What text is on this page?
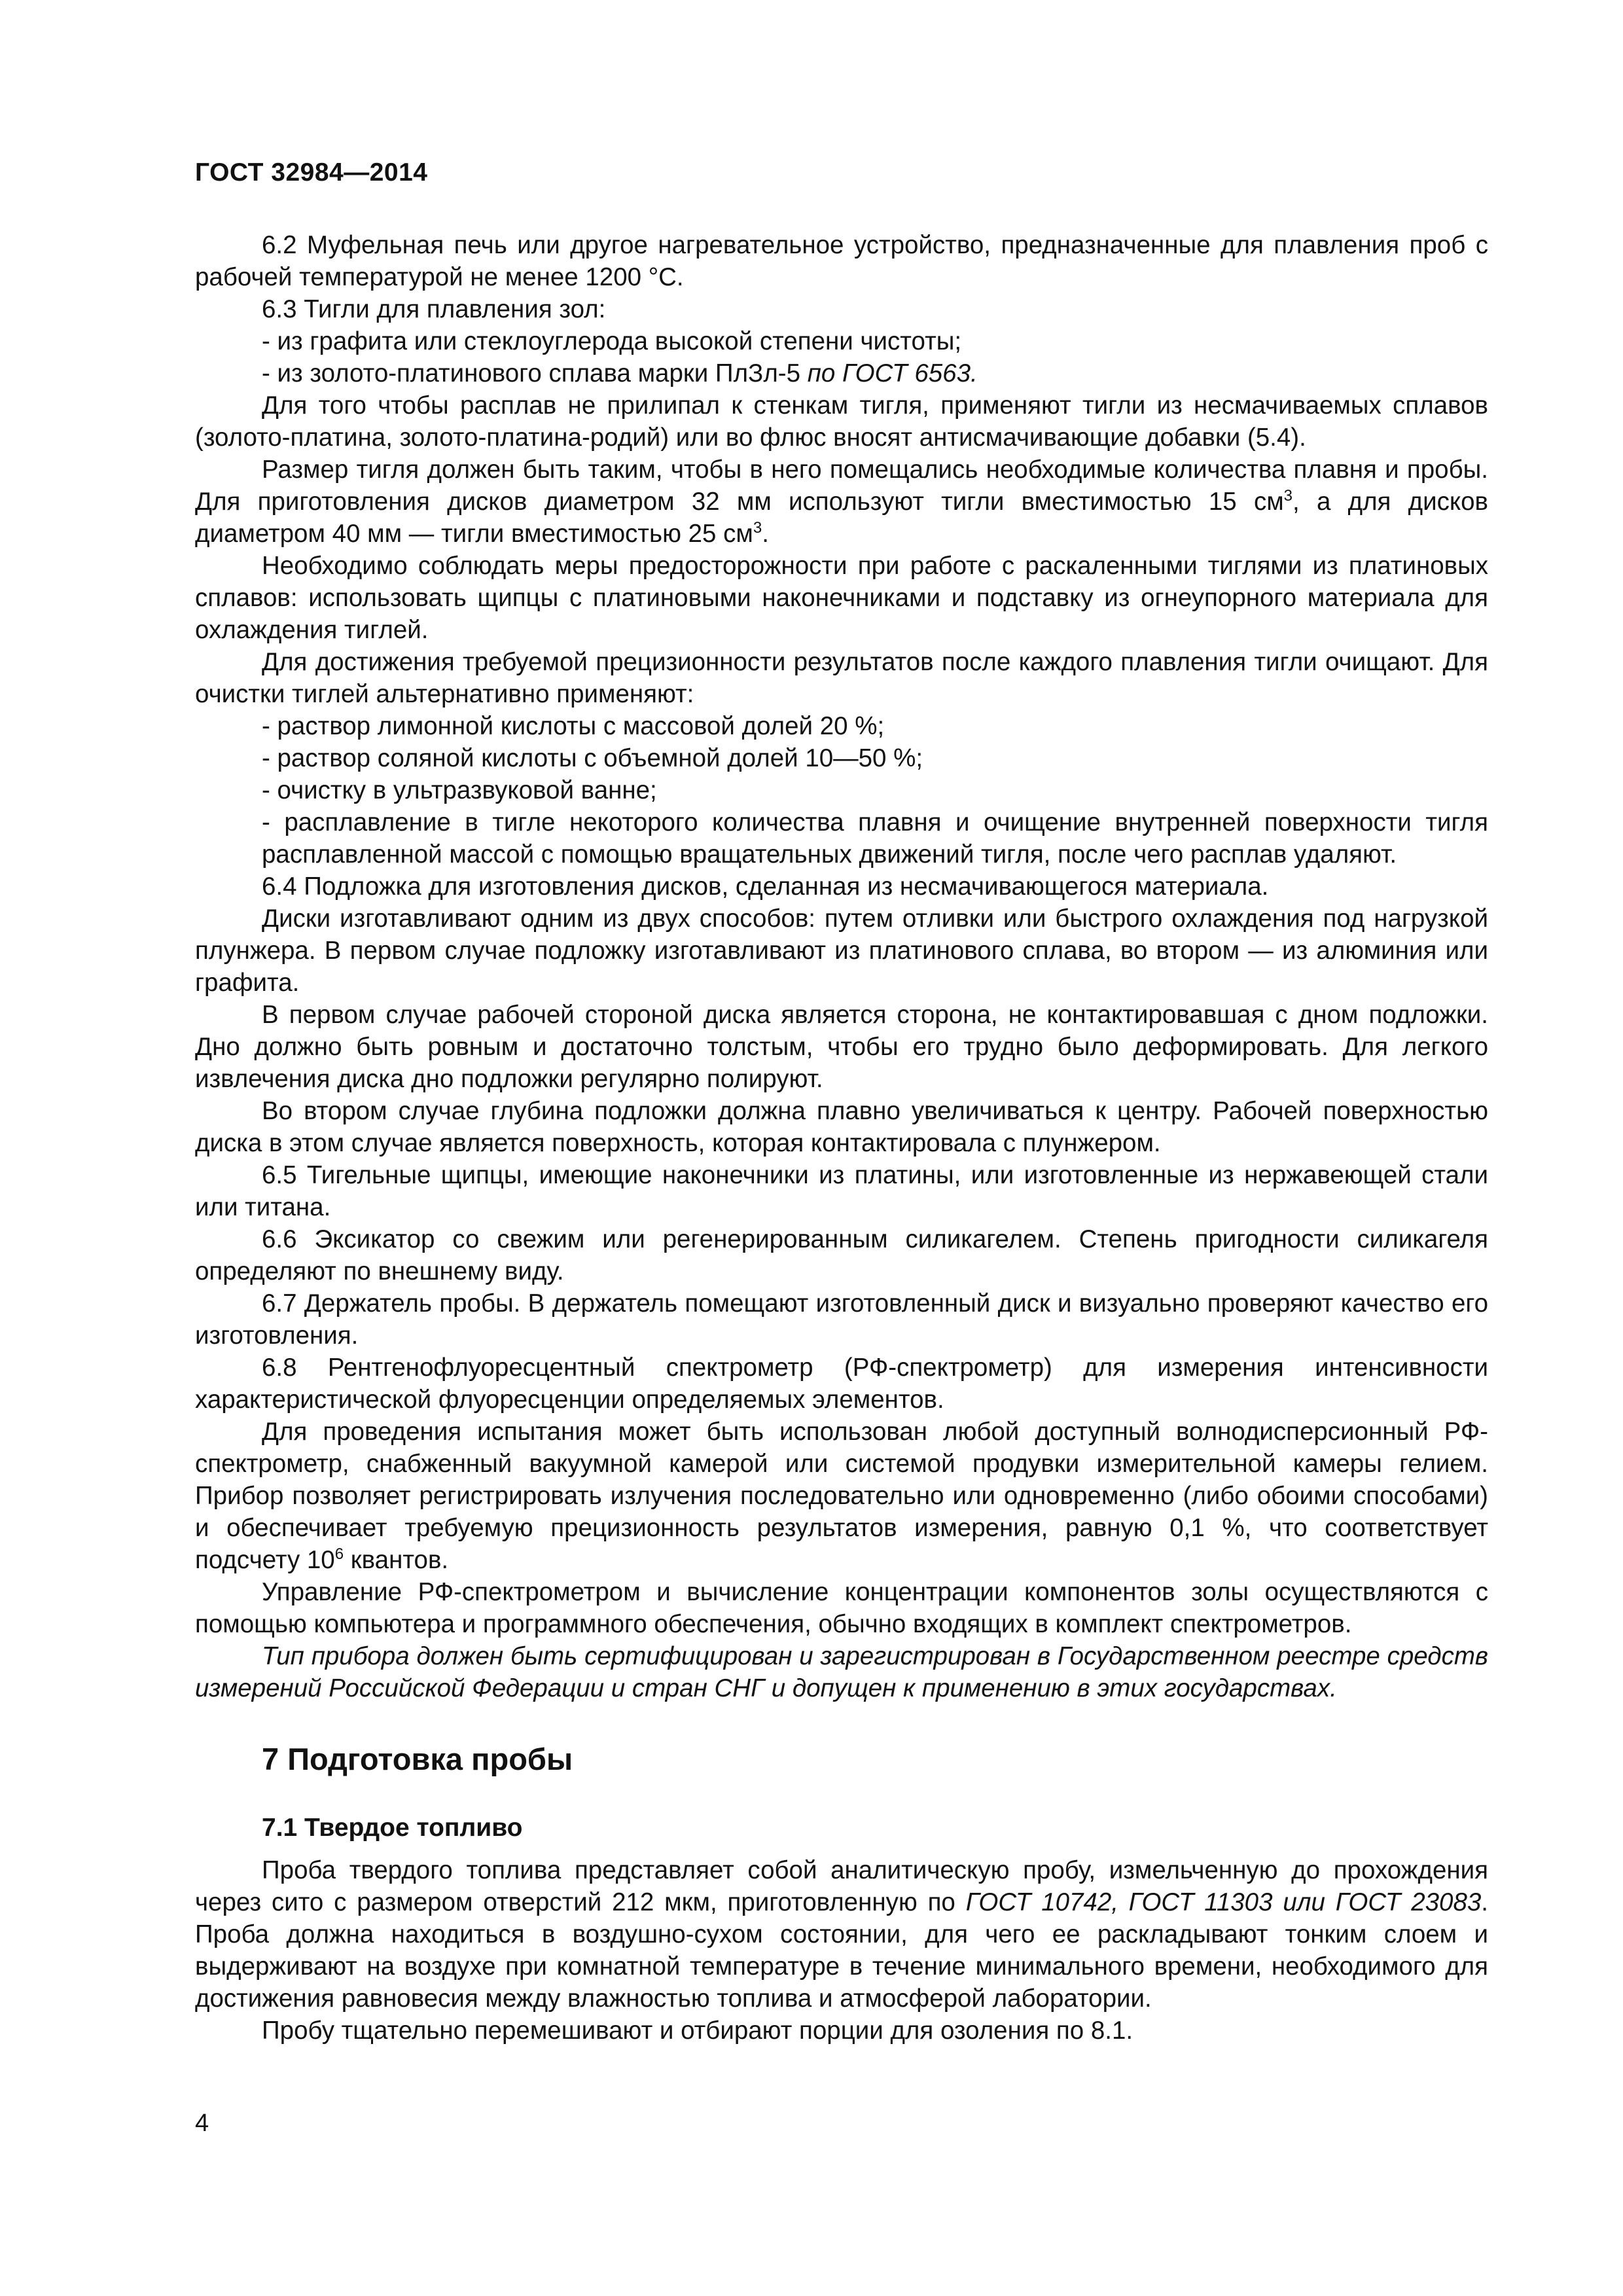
ГОСТ 32984—2014

6.2 Муфельная печь или другое нагревательное устройство, предназначенные для плавления проб с рабочей температурой не менее 1200 °С.

6.3 Тигли для плавления зол:

- из графита или стеклоуглерода высокой степени чистоты;

- из золото-платинового сплава марки ПлЗл-5 по ГОСТ 6563.

Для того чтобы расплав не прилипал к стенкам тигля, применяют тигли из несмачиваемых сплавов (золото-платина, золото-платина-родий) или во флюс вносят антисмачивающие добавки (5.4).

Размер тигля должен быть таким, чтобы в него помещались необходимые количества плавня и пробы. Для приготовления дисков диаметром 32 мм используют тигли вместимостью 15 $см^3$, а для дисков диаметром 40 мм — тигли вместимостью 25 $см^3$.

Необходимо соблюдать меры предосторожности при работе с раскаленными тиглями из платиновых сплавов: использовать щипцы с платиновыми наконечниками и подставку из огнеупорного материала для охлаждения тиглей.

Для достижения требуемой прецизионности результатов после каждого плавления тигли очищают. Для очистки тиглей альтернативно применяют:

- раствор лимонной кислоты с массовой долей 20 %;

- раствор соляной кислоты с объемной долей 10—50 %;

- очистку в ультразвуковой ванне;

- расплавление в тигле некоторого количества плавня и очищение внутренней поверхности тигля расплавленной массой с помощью вращательных движений тигля, после чего расплав удаляют.

6.4 Подложка для изготовления дисков, сделанная из несмачивающегося материала.

Диски изготавливают одним из двух способов: путем отливки или быстрого охлаждения под нагрузкой плунжера. В первом случае подложку изготавливают из платинового сплава, во втором — из алюминия или графита.

В первом случае рабочей стороной диска является сторона, не контактировавшая с дном подложки. Дно должно быть ровным и достаточно толстым, чтобы его трудно было деформировать. Для легкого извлечения диска дно подложки регулярно полируют.

Во втором случае глубина подложки должна плавно увеличиваться к центру. Рабочей поверхностью диска в этом случае является поверхность, которая контактировала с плунжером.

6.5 Тигельные щипцы, имеющие наконечники из платины, или изготовленные из нержавеющей стали или титана.

6.6 Эксикатор со свежим или регенерированным силикагелем. Степень пригодности силикагеля определяют по внешнему виду.

6.7 Держатель пробы. В держатель помещают изготовленный диск и визуально проверяют качество его изготовления.

6.8 Рентгенофлуоресцентный спектрометр (РФ-спектрометр) для измерения интенсивности характеристической флуоресценции определяемых элементов.

Для проведения испытания может быть использован любой доступный волнодисперсионный РФ-спектрометр, снабженный вакуумной камерой или системой продувки измерительной камеры гелием. Прибор позволяет регистрировать излучения последовательно или одновременно (либо обоими способами) и обеспечивает требуемую прецизионность результатов измерения, равную 0,1 %, что соответствует подсчету $10^6$ квантов.

Управление РФ-спектрометром и вычисление концентрации компонентов золы осуществляются с помощью компьютера и программного обеспечения, обычно входящих в комплект спектрометров.

Тип прибора должен быть сертифицирован и зарегистрирован в Государственном реестре средств измерений Российской Федерации и стран СНГ и допущен к применению в этих государствах.

7 Подготовка пробы
7.1 Твердое топливо

Проба твердого топлива представляет собой аналитическую пробу, измельченную до прохождения через сито с размером отверстий 212 мкм, приготовленную по ГОСТ 10742, ГОСТ 11303 или ГОСТ 23083. Проба должна находиться в воздушно-сухом состоянии, для чего ее раскладывают тонким слоем и выдерживают на воздухе при комнатной температуре в течение минимального времени, необходимого для достижения равновесия между влажностью топлива и атмосферой лаборатории.

Пробу тщательно перемешивают и отбирают порции для озоления по 8.1.

4
